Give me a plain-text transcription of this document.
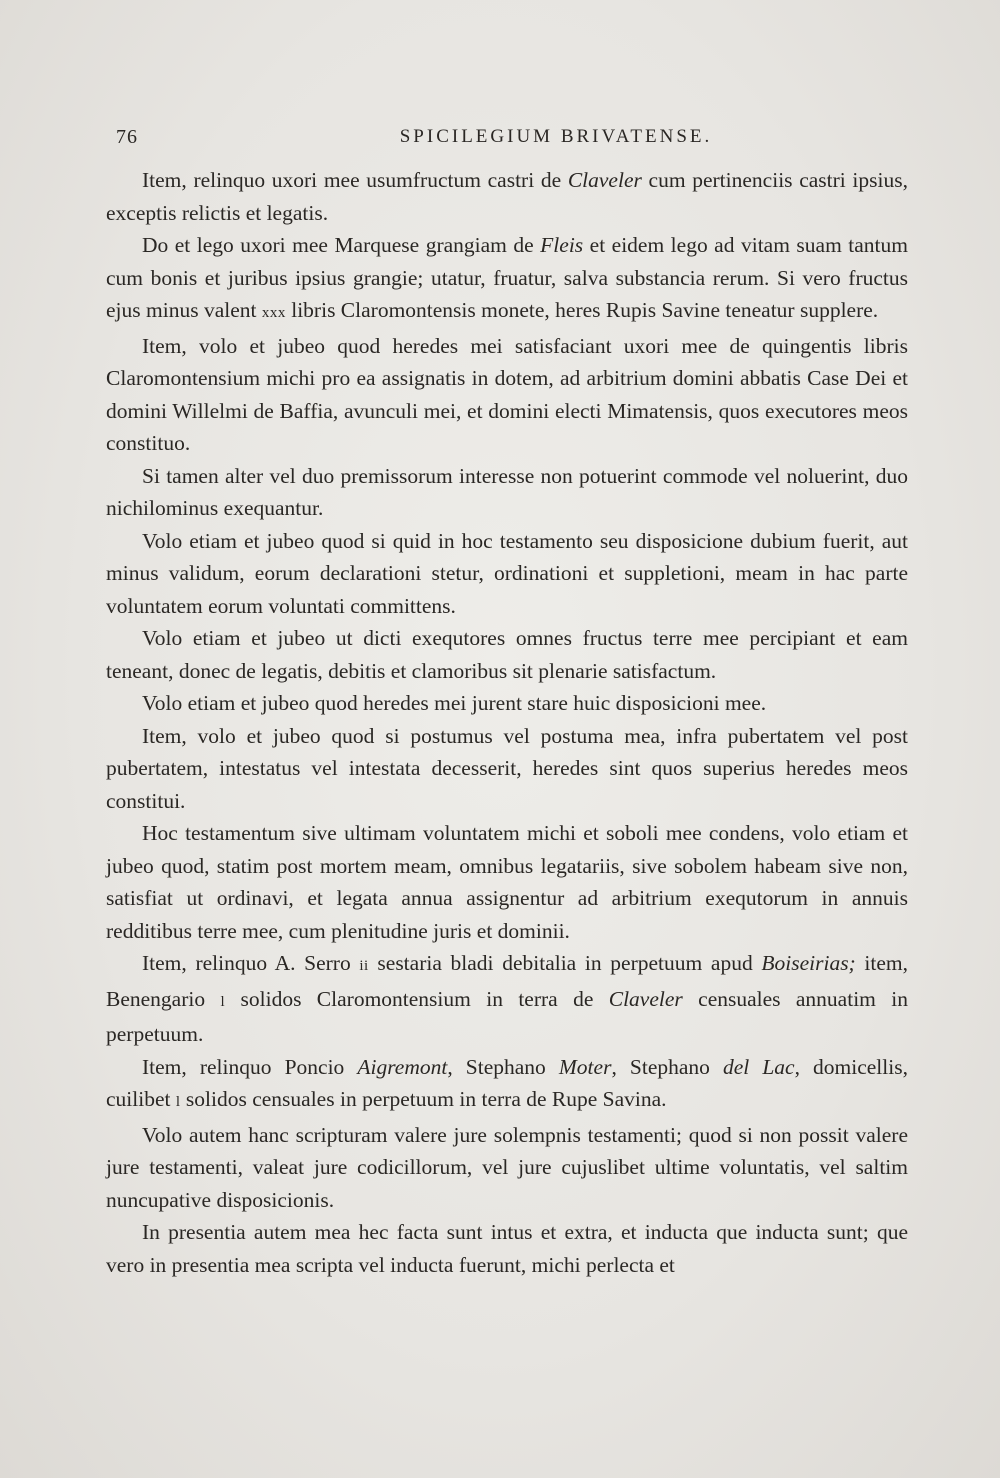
76	SPICILEGIUM BRIVATENSE.

Item, relinquo uxori mee usumfructum castri de Claveler cum pertinenciis castri ipsius, exceptis relictis et legatis.

Do et lego uxori mee Marquese grangiam de Fleis et eidem lego ad vitam suam tantum cum bonis et juribus ipsius grangie; utatur, fruatur, salva substancia rerum. Si vero fructus ejus minus valent xxx libris Claromontensis monete, heres Rupis Savine teneatur supplere.

Item, volo et jubeo quod heredes mei satisfaciant uxori mee de quingentis libris Claromontensium michi pro ea assignatis in dotem, ad arbitrium domini abbatis Case Dei et domini Willelmi de Baffia, avunculi mei, et domini electi Mimatensis, quos executores meos constituo.

Si tamen alter vel duo premissorum interesse non potuerint commode vel noluerint, duo nichilominus exequantur.

Volo etiam et jubeo quod si quid in hoc testamento seu disposicione dubium fuerit, aut minus validum, eorum declarationi stetur, ordinationi et suppletioni, meam in hac parte voluntatem eorum voluntati committens.

Volo etiam et jubeo ut dicti exequtores omnes fructus terre mee percipiant et eam teneant, donec de legatis, debitis et clamoribus sit plenarie satisfactum.

Volo etiam et jubeo quod heredes mei jurent stare huic disposicioni mee.

Item, volo et jubeo quod si postumus vel postuma mea, infra pubertatem vel post pubertatem, intestatus vel intestata decesserit, heredes sint quos superius heredes meos constitui.

Hoc testamentum sive ultimam voluntatem michi et soboli mee condens, volo etiam et jubeo quod, statim post mortem meam, omnibus legatariis, sive sobolem habeam sive non, satisfiat ut ordinavi, et legata annua assignentur ad arbitrium exequtorum in annuis redditibus terre mee, cum plenitudine juris et dominii.

Item, relinquo A. Serro ii sestaria bladi debitalia in perpetuum apud Boiseirias; item, Benengario l solidos Claromontensium in terra de Claveler censuales annuatim in perpetuum.

Item, relinquo Poncio Aigremont, Stephano Moter, Stephano del Lac, domicellis, cuilibet l solidos censuales in perpetuum in terra de Rupe Savina.

Volo autem hanc scripturam valere jure solempnis testamenti; quod si non possit valere jure testamenti, valeat jure codicillorum, vel jure cujuslibet ultime voluntatis, vel saltim nuncupative disposicionis.

In presentia autem mea hec facta sunt intus et extra, et inducta que inducta sunt; que vero in presentia mea scripta vel inducta fuerunt, michi perlecta et
